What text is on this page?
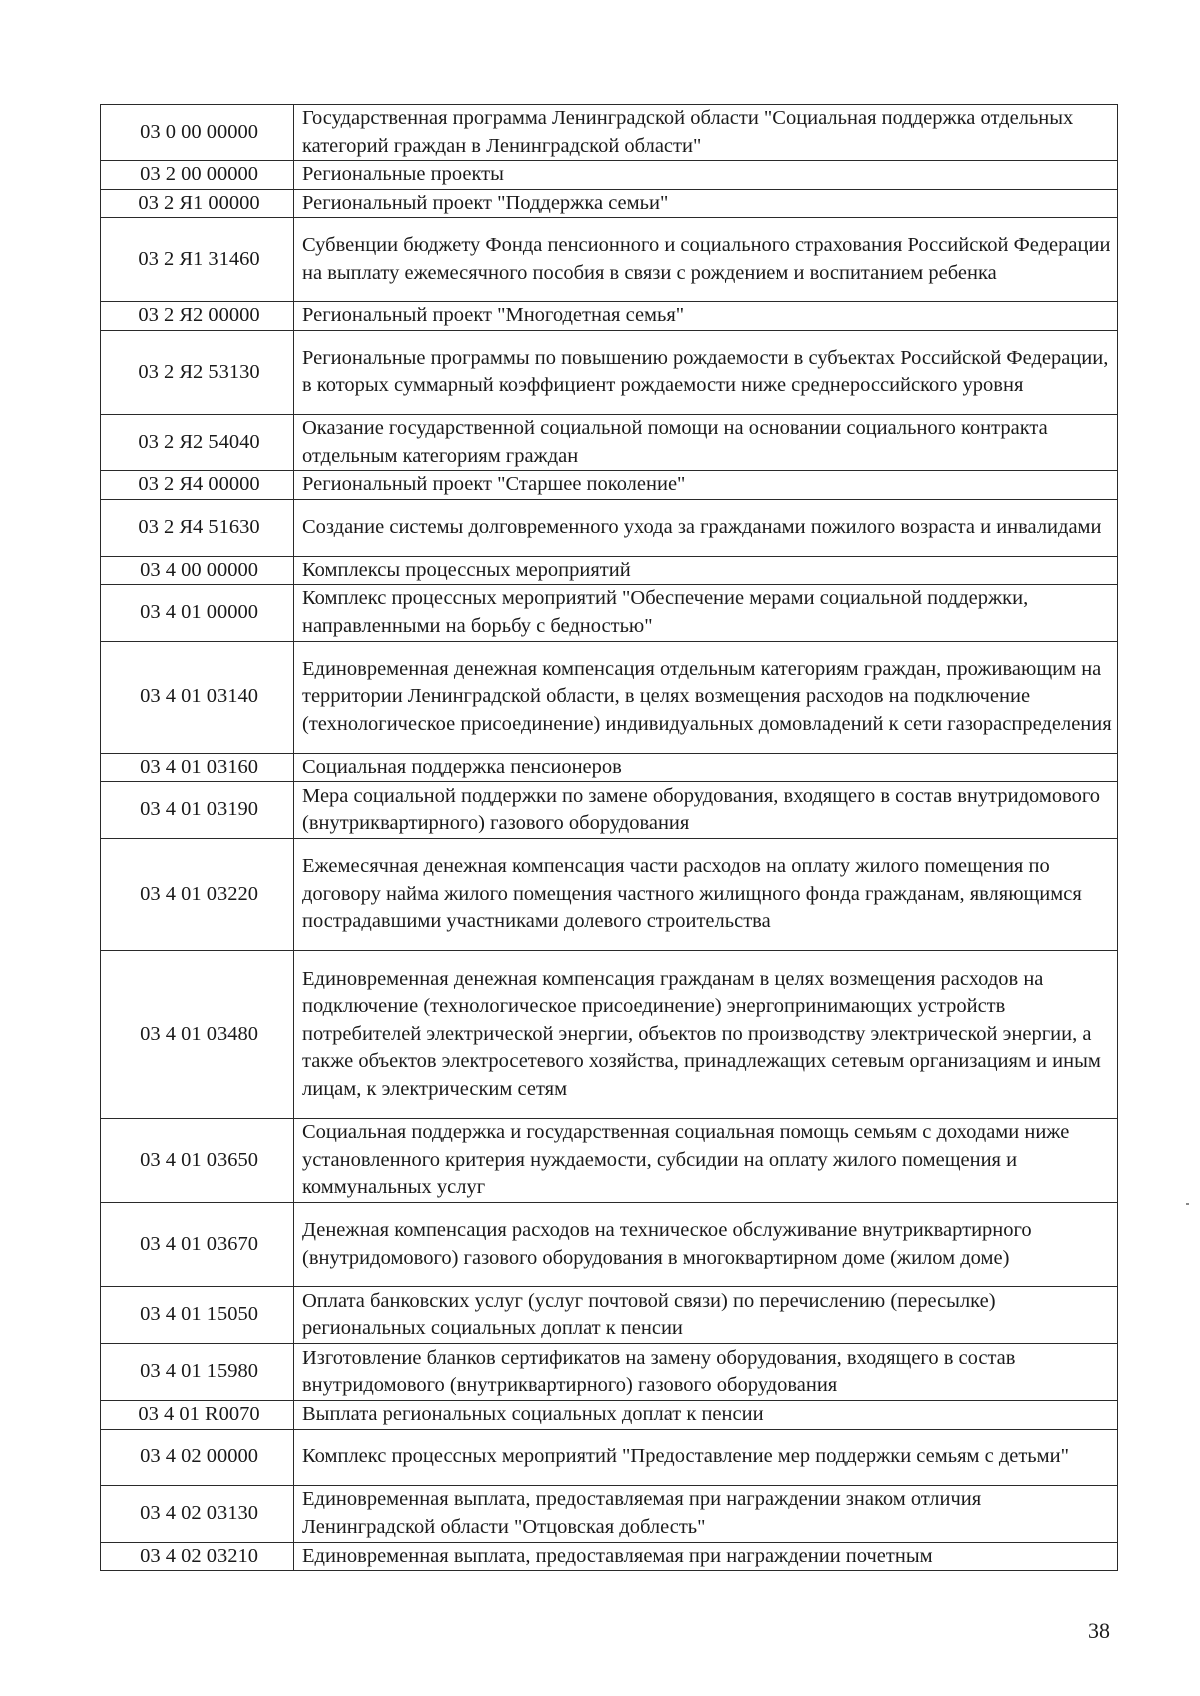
03 0 00 00000	Государственная программа Ленинградской области "Социальная поддержка отдельных категорий граждан в Ленинградской области"
03 2 00 00000	Региональные проекты
03 2 Я1 00000	Региональный проект "Поддержка семьи"
03 2 Я1 31460	Субвенции бюджету Фонда пенсионного и социального страхования Российской Федерации на выплату ежемесячного пособия в связи с рождением и воспитанием ребенка
03 2 Я2 00000	Региональный проект "Многодетная семья"
03 2 Я2 53130	Региональные программы по повышению рождаемости в субъектах Российской Федерации, в которых суммарный коэффициент рождаемости ниже среднероссийского уровня
03 2 Я2 54040	Оказание государственной социальной помощи на основании социального контракта отдельным категориям граждан
03 2 Я4 00000	Региональный проект "Старшее поколение"
03 2 Я4 51630	Создание системы долговременного ухода за гражданами пожилого возраста и инвалидами
03 4 00 00000	Комплексы процессных мероприятий
03 4 01 00000	Комплекс процессных мероприятий "Обеспечение мерами социальной поддержки, направленными на борьбу с бедностью"
03 4 01 03140	Единовременная денежная компенсация отдельным категориям граждан, проживающим на территории Ленинградской области, в целях возмещения расходов на подключение (технологическое присоединение) индивидуальных домовладений к сети газораспределения
03 4 01 03160	Социальная поддержка пенсионеров
03 4 01 03190	Мера социальной поддержки по замене оборудования, входящего в состав внутридомового (внутриквартирного) газового оборудования
03 4 01 03220	Ежемесячная денежная компенсация части расходов на оплату жилого помещения по договору найма жилого помещения частного жилищного фонда гражданам, являющимся пострадавшими участниками долевого строительства
03 4 01 03480	Единовременная денежная компенсация гражданам в целях возмещения расходов на подключение (технологическое присоединение) энергопринимающих устройств потребителей электрической энергии, объектов по производству электрической энергии, а также объектов электросетевого хозяйства, принадлежащих сетевым организациям и иным лицам, к электрическим сетям
03 4 01 03650	Социальная поддержка и государственная социальная помощь семьям с доходами ниже установленного критерия нуждаемости, субсидии на оплату жилого помещения и коммунальных услуг
03 4 01 03670	Денежная компенсация расходов на техническое обслуживание внутриквартирного (внутридомового) газового оборудования в многоквартирном доме (жилом доме)
03 4 01 15050	Оплата банковских услуг (услуг почтовой связи) по перечислению (пересылке) региональных социальных доплат к пенсии
03 4 01 15980	Изготовление бланков сертификатов на замену оборудования, входящего в состав внутридомового (внутриквартирного) газового оборудования
03 4 01 R0070	Выплата региональных социальных доплат к пенсии
03 4 02 00000	Комплекс процессных мероприятий "Предоставление мер поддержки семьям с детьми"
03 4 02 03130	Единовременная выплата, предоставляемая при награждении знаком отличия Ленинградской области "Отцовская доблесть"
03 4 02 03210	Единовременная выплата, предоставляемая при награждении почетным
38
